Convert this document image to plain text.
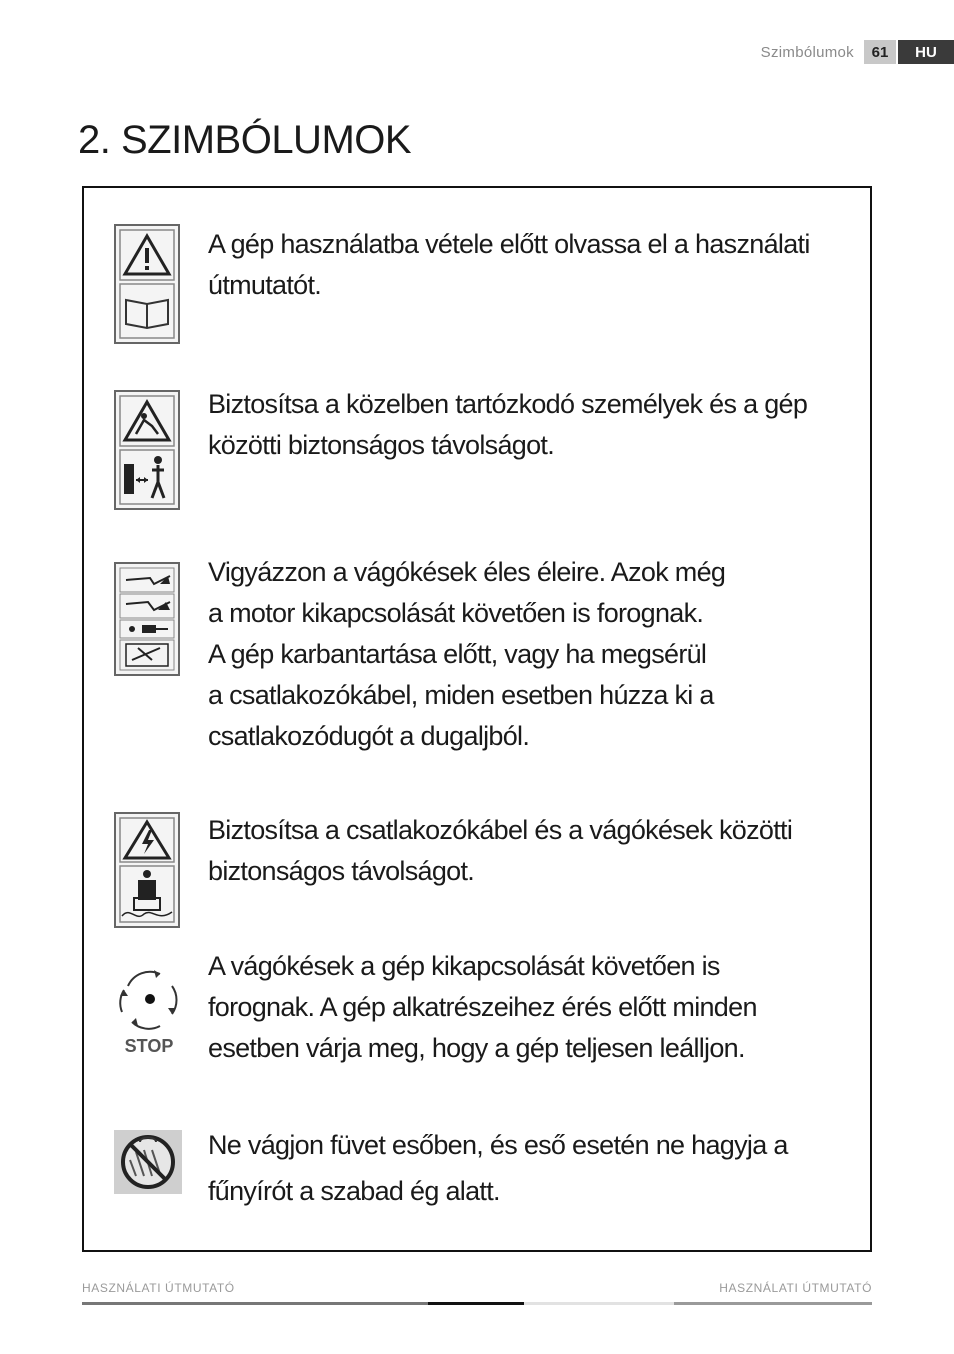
Szimbólumok	61	HU
2. SZIMBÓLUMOK
A gép használatba vétele előtt olvassa el a használati
útmutatót.
Biztosítsa a közelben tartózkodó személyek és a gép
közötti biztonságos távolságot.
Vigyázzon a vágókések éles éleire. Azok még
a motor kikapcsolását követően is forognak.
A gép karbantartása előtt, vagy ha megsérül
a csatlakozókábel, miden esetben húzza ki a
csatlakozódugót a dugaljból.
Biztosítsa a csatlakozókábel és a vágókések közötti
biztonságos távolságot.
STOP
A vágókések a gép kikapcsolását követően is
forognak. A gép alkatrészeihez érés előtt minden
esetben várja meg, hogy a gép teljesen leálljon.
Ne vágjon füvet esőben, és eső esetén ne hagyja a
fűnyírót a szabad ég alatt.
HASZNÁLATI ÚTMUTATÓ	HASZNÁLATI ÚTMUTATÓ
